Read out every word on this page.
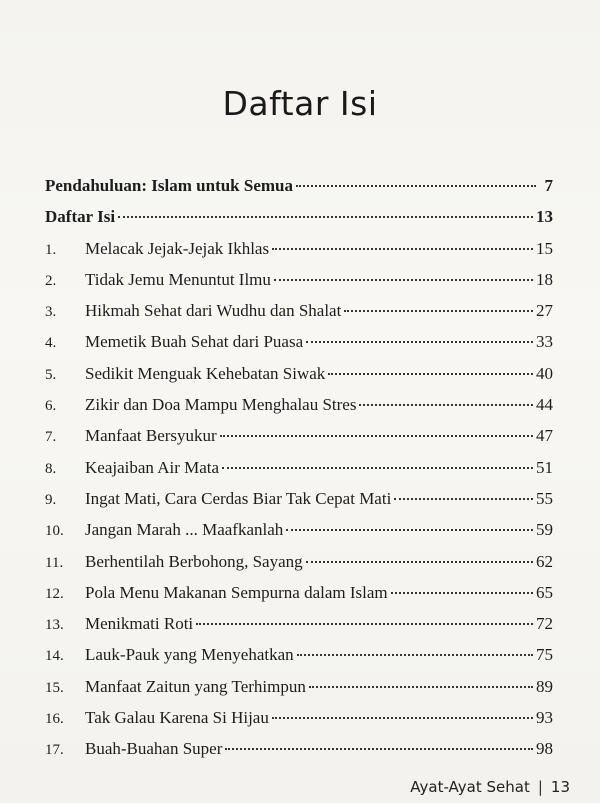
Daftar Isi
Pendahuluan: Islam untuk Semua	7
Daftar Isi	13
1.	Melacak Jejak-Jejak Ikhlas	15
2.	Tidak Jemu Menuntut Ilmu	18
3.	Hikmah Sehat dari Wudhu dan Shalat	27
4.	Memetik Buah Sehat dari Puasa	33
5.	Sedikit Menguak Kehebatan Siwak	40
6.	Zikir dan Doa Mampu Menghalau Stres	44
7.	Manfaat Bersyukur	47
8.	Keajaiban Air Mata	51
9.	Ingat Mati, Cara Cerdas Biar Tak Cepat Mati	55
10.	Jangan Marah ... Maafkanlah	59
11.	Berhentilah Berbohong, Sayang	62
12.	Pola Menu Makanan Sempurna dalam Islam	65
13.	Menikmati Roti	72
14.	Lauk-Pauk yang Menyehatkan	75
15.	Manfaat Zaitun yang Terhimpun	89
16.	Tak Galau Karena Si Hijau	93
17.	Buah-Buahan Super	98
Ayat-Ayat Sehat | 13
